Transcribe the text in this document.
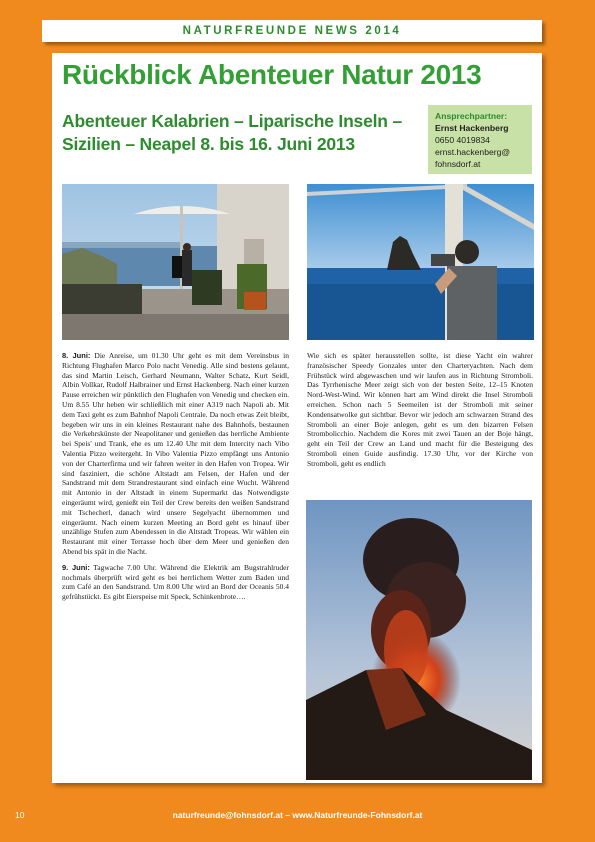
NATURFREUNDE NEWS 2014
Rückblick Abenteuer Natur 2013
Abenteuer Kalabrien – Liparische Inseln – Sizilien – Neapel 8. bis 16. Juni 2013
Ansprechpartner:
Ernst Hackenberg
0650 4019834
ernst.hackenberg@
fohnsdorf.at

8. Juni: Die Anreise, um 01.30 Uhr geht es mit dem Vereinsbus in Richtung Flughafen Marco Polo nacht Venedig. Alle sind bestens gelaunt, das sind Martin Leisch, Gerhard Neumann, Walter Schatz, Kurt Seidl, Albin Vollkar, Rudolf Halbrainer und Ernst Hackenberg. Nach einer kurzen Pause erreichen wir pünktlich den Flughafen von Venedig und checken ein. Um 8.55 Uhr heben wir schließlich mit einer A319 nach Napoli ab. Mit dem Taxi geht es zum Bahnhof Napoli Centrale. Da noch etwas Zeit bleibt, begeben wir uns in ein kleines Restaurant nahe des Bahnhofs, bestaunen die Verkehrskünste der Neapolitaner und genießen das herrliche Ambiente bei Speis' und Trank, ehe es um 12.40 Uhr mit dem Intercity nach Vibo Valentia Pizzo weitergeht. In Vibo Valentia Pizzo empfängt uns Antonio von der Charterfirma und wir fahren weiter in den Hafen von Tropea. Wir sind fasziniert, die schöne Altstadt am Felsen, der Hafen und der Sandstrand mit dem Strandrestaurant sind einfach eine Wucht. Während mit Antonio in der Altstadt in einem Supermarkt das Notwendigste eingeräumt wird, genießt ein Teil der Crew bereits den weißen Sandstrand mit Tschecherl, danach wird unsere Segelyacht übernommen und eingeräumt. Nach einem kurzen Meeting an Bord geht es hinauf über unzählige Stufen zum Abendessen in die Altstadt Tropeas. Wir wählen ein Restaurant mit einer Terrasse hoch über dem Meer und genießen den Abend bis spät in die Nacht.

9. Juni: Tagwache 7.00 Uhr. Während die Elektrik am Bugstrahlruder nochmals überprüft wird geht es bei herrlichem Wetter zum Baden und zum Café an den Sandstrand. Um 8.00 Uhr wird an Bord der Oceanis 50.4 gefrühstückt. Es gibt Eierspeise mit Speck, Schinkenbrote….

Wie sich es später herausstellen sollte, ist diese Yacht ein wahrer französischer Speedy Gonzales unter den Charteryachten. Nach dem Frühstück wird abgewaschen und wir laufen aus in Richtung Stromboli. Das Tyrrhenische Meer zeigt sich von der besten Seite, 12–15 Knoten Nord-West-Wind. Wir können hart am Wind direkt die Insel Stromboli erreichen. Schon nach 5 Seemeilen ist der Stromboli mit seiner Kondensatwolke gut sichtbar. Bevor wir jedoch am schwarzen Strand des Stromboli an einer Boje anlegen, geht es um den bizarren Felsen Strombolicchio. Nachdem die Kores mit zwei Tauen an der Boje hängt, geht ein Teil der Crew an Land und macht für die Besteigung des Stromboli einen Guide ausfindig. 17.30 Uhr, vor der Kirche von Stromboli, geht es endlich
10	naturfreunde@fohnsdorf.at – www.Naturfreunde-Fohnsdorf.at
